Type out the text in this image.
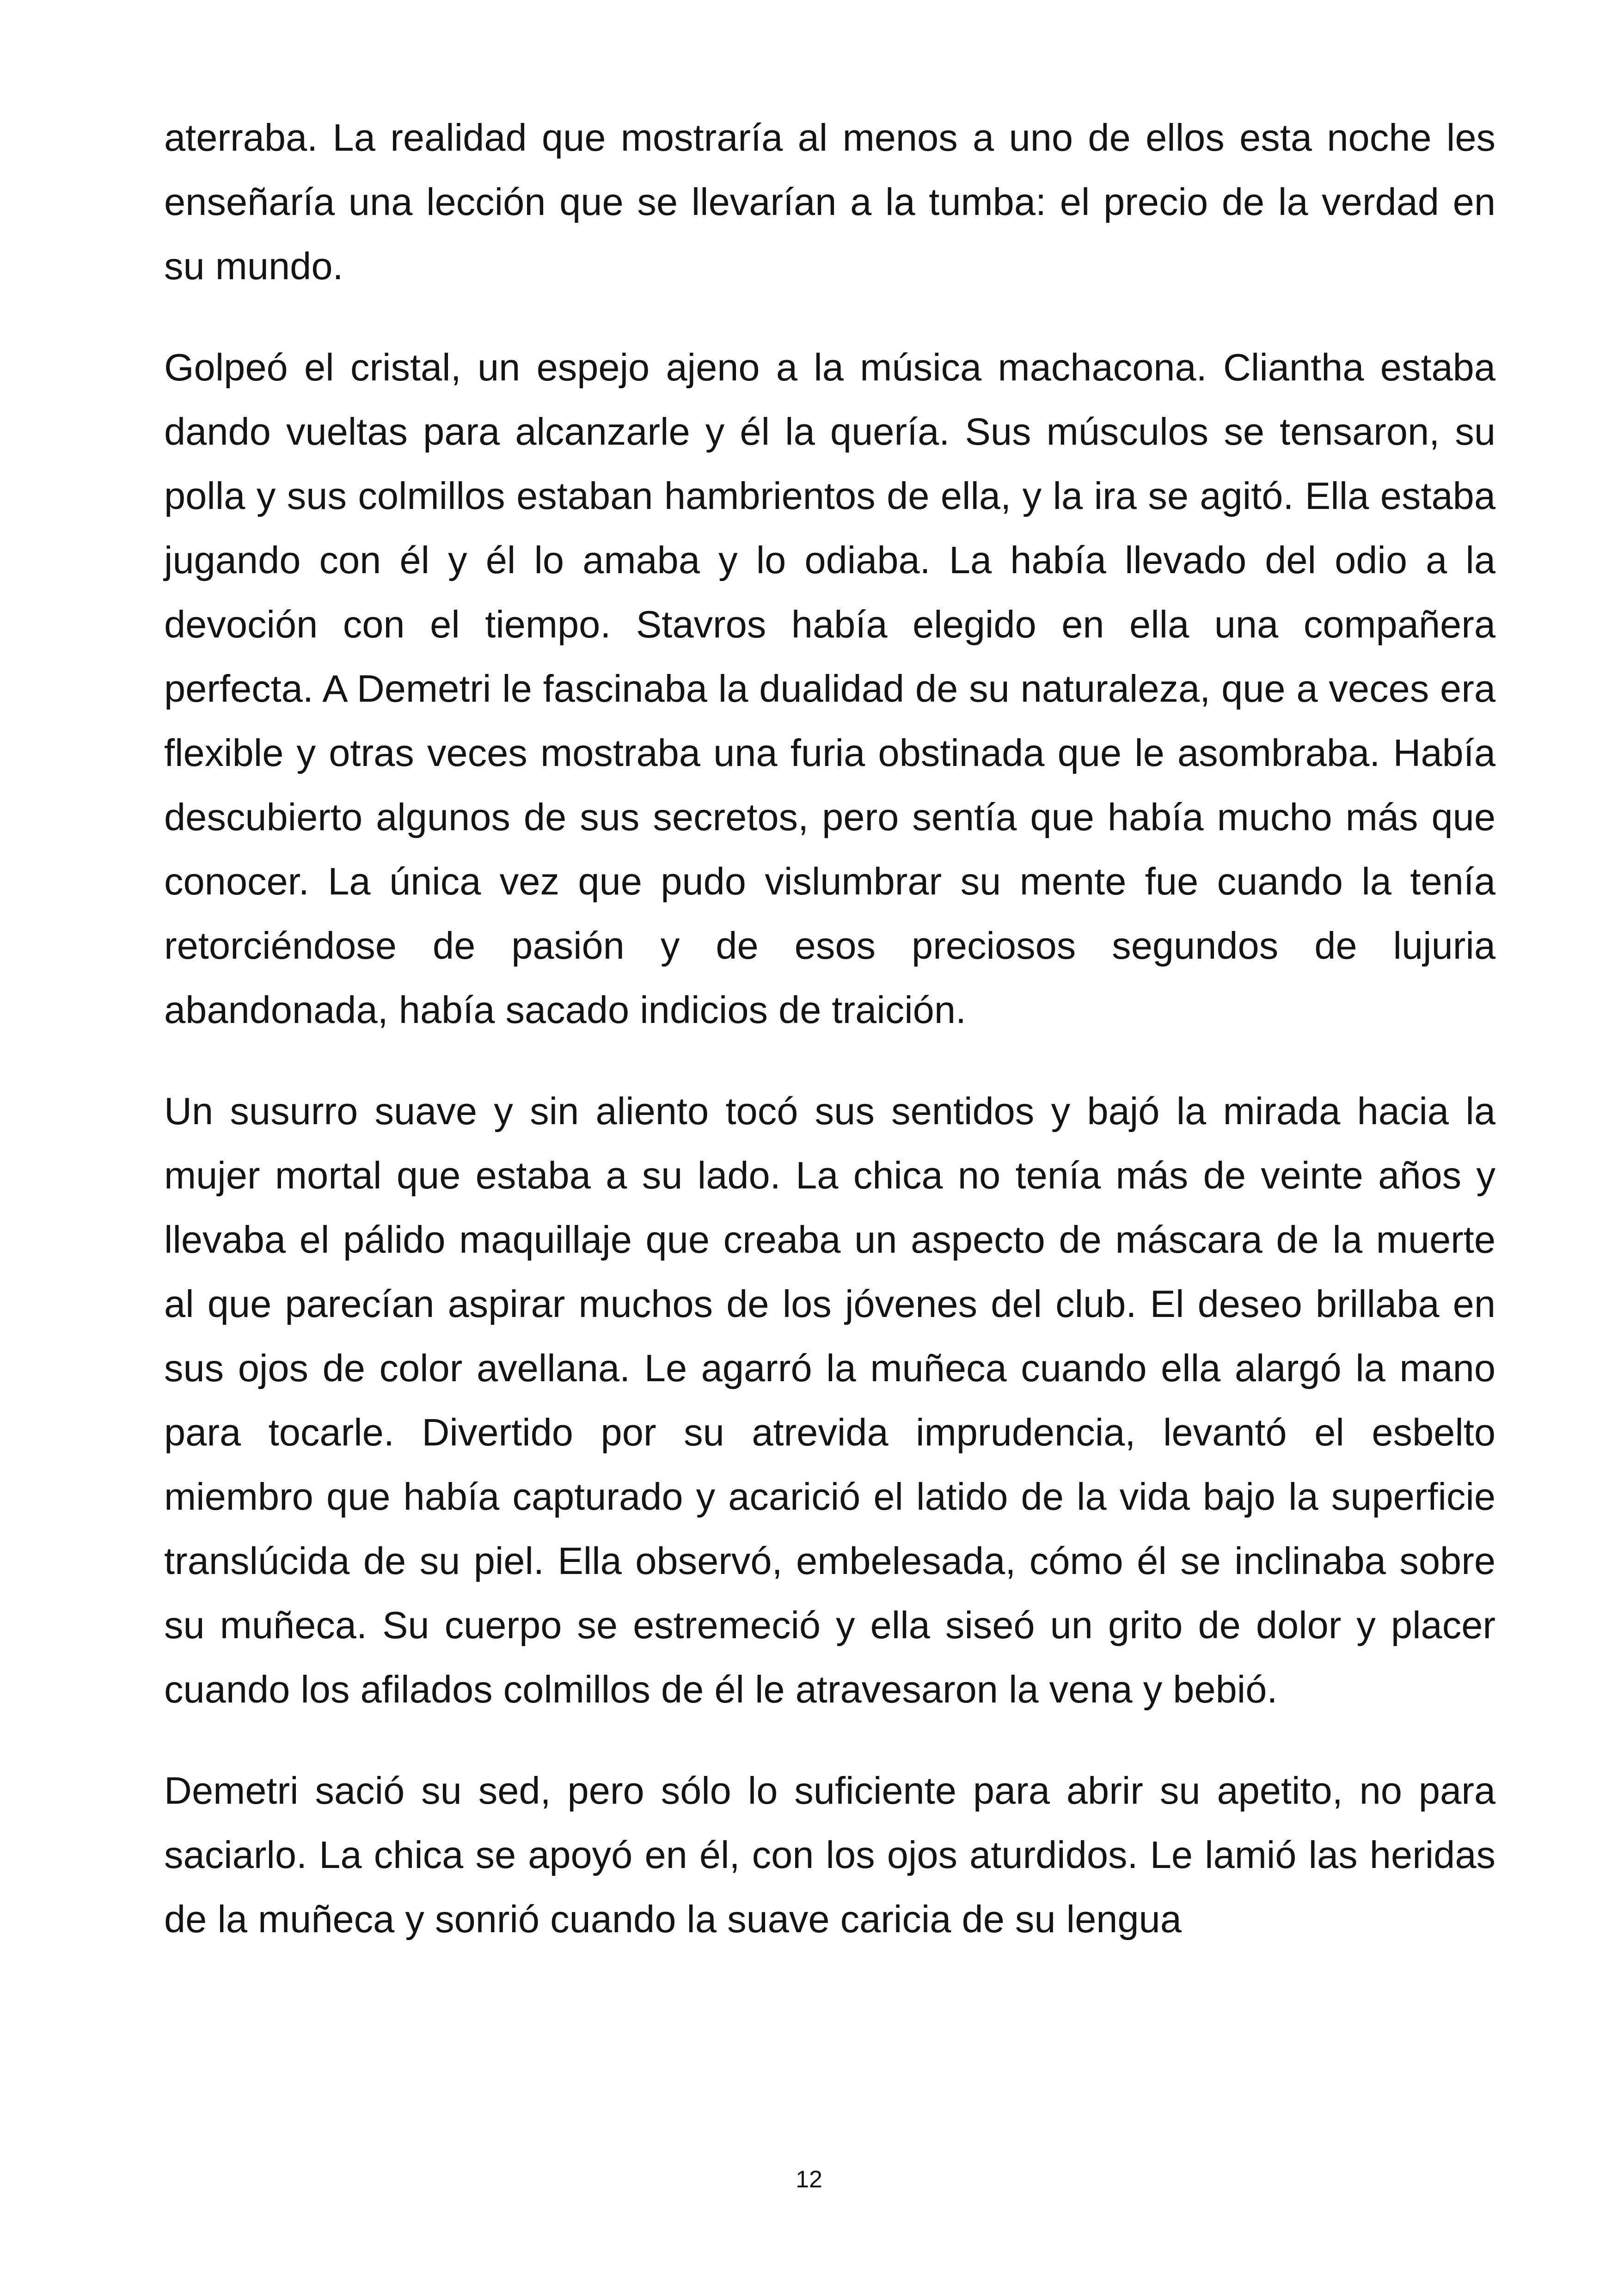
aterraba. La realidad que mostraría al menos a uno de ellos esta noche les enseñaría una lección que se llevarían a la tumba: el precio de la verdad en su mundo.

Golpeó el cristal, un espejo ajeno a la música machacona. Cliantha estaba dando vueltas para alcanzarle y él la quería. Sus músculos se tensaron, su polla y sus colmillos estaban hambrientos de ella, y la ira se agitó. Ella estaba jugando con él y él lo amaba y lo odiaba. La había llevado del odio a la devoción con el tiempo. Stavros había elegido en ella una compañera perfecta. A Demetri le fascinaba la dualidad de su naturaleza, que a veces era flexible y otras veces mostraba una furia obstinada que le asombraba. Había descubierto algunos de sus secretos, pero sentía que había mucho más que conocer. La única vez que pudo vislumbrar su mente fue cuando la tenía retorciéndose de pasión y de esos preciosos segundos de lujuria abandonada, había sacado indicios de traición.

Un susurro suave y sin aliento tocó sus sentidos y bajó la mirada hacia la mujer mortal que estaba a su lado. La chica no tenía más de veinte años y llevaba el pálido maquillaje que creaba un aspecto de máscara de la muerte al que parecían aspirar muchos de los jóvenes del club. El deseo brillaba en sus ojos de color avellana. Le agarró la muñeca cuando ella alargó la mano para tocarle. Divertido por su atrevida imprudencia, levantó el esbelto miembro que había capturado y acarició el latido de la vida bajo la superficie translúcida de su piel. Ella observó, embelesada, cómo él se inclinaba sobre su muñeca. Su cuerpo se estremeció y ella siseó un grito de dolor y placer cuando los afilados colmillos de él le atravesaron la vena y bebió.

Demetri sació su sed, pero sólo lo suficiente para abrir su apetito, no para saciarlo. La chica se apoyó en él, con los ojos aturdidos. Le lamió las heridas de la muñeca y sonrió cuando la suave caricia de su lengua

12
